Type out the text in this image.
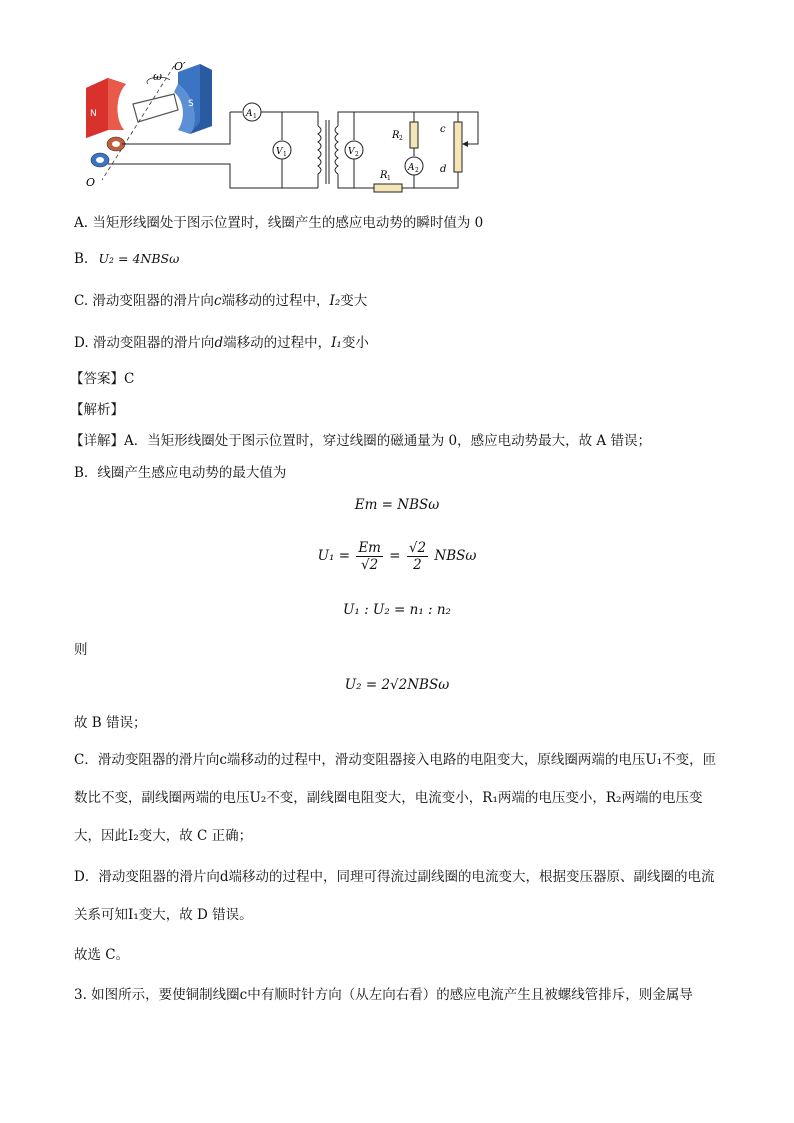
N
S
ω
O′
O
A 1
V 1	V 2
R 1
R 2
A 2
c
d
A. 当矩形线圈处于图示位置时，线圈产生的感应电动势的瞬时值为 0
B. U₂ = 4NBSω
C. 滑动变阻器的滑片向c端移动的过程中，I₂变大
D. 滑动变阻器的滑片向d端移动的过程中，I₁变小
【答案】C
【解析】
【详解】A．当矩形线圈处于图示位置时，穿过线圈的磁通量为 0，感应电动势最大，故 A 错误；
B．线圈产生感应电动势的最大值为
Em = NBSω
$U_1 = \frac{Em}{√2} = \frac{√2}{2}$ NBSω
U₁ : U₂ = n₁ : n₂
则
U₂ = 2√2NBSω
故 B 错误；
C．滑动变阻器的滑片向c端移动的过程中，滑动变阻器接入电路的电阻变大，原线圈两端的电压U₁不变，匝数比不变，副线圈两端的电压U₂不变，副线圈电阻变大，电流变小，R₁两端的电压变小，R₂两端的电压变大，因此I₂变大，故 C 正确；
D．滑动变阻器的滑片向d端移动的过程中，同理可得流过副线圈的电流变大，根据变压器原、副线圈的电流关系可知I₁变大，故 D 错误。
故选 C。
3. 如图所示，要使铜制线圈c中有顺时针方向（从左向右看）的感应电流产生且被螺线管排斥，则金属导
